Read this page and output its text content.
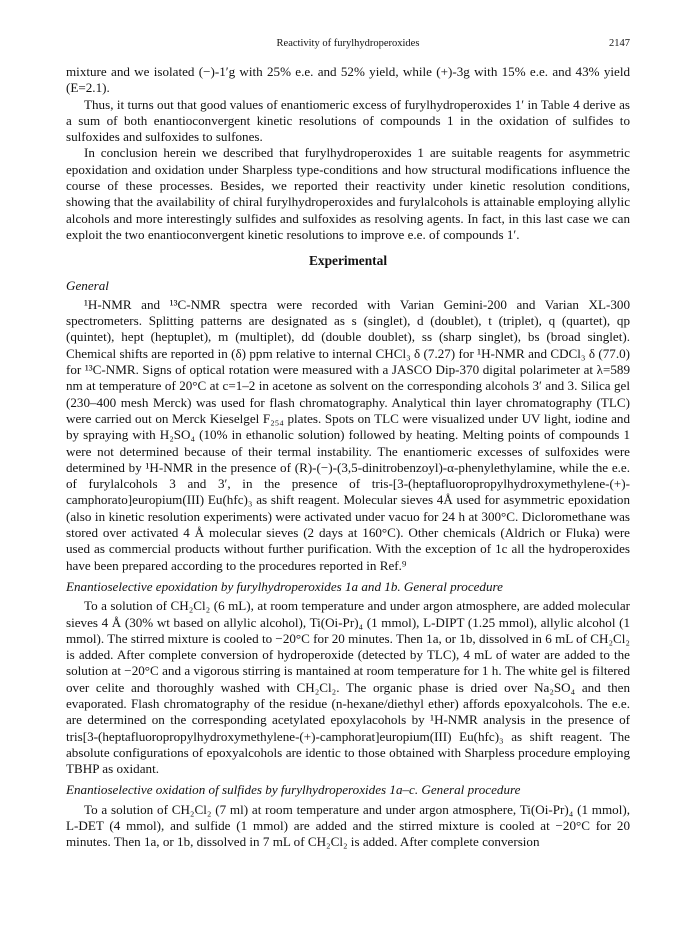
Reactivity of furylhydroperoxides	2147

mixture and we isolated (−)-1′g with 25% e.e. and 52% yield, while (+)-3g with 15% e.e. and 43% yield (E=2.1).

Thus, it turns out that good values of enantiomeric excess of furylhydroperoxides 1′ in Table 4 derive as a sum of both enantioconvergent kinetic resolutions of compounds 1 in the oxidation of sulfides to sulfoxides and sulfoxides to sulfones.

In conclusion herein we described that furylhydroperoxides 1 are suitable reagents for asymmetric epoxidation and oxidation under Sharpless type-conditions and how structural modifications influence the course of these processes. Besides, we reported their reactivity under kinetic resolution conditions, showing that the availability of chiral furylhydroperoxides and furylalcohols is attainable employing allylic alcohols and more interestingly sulfides and sulfoxides as resolving agents. In fact, in this last case we can exploit the two enantioconvergent kinetic resolutions to improve e.e. of compounds 1′.

Experimental
General

¹H-NMR and ¹³C-NMR spectra were recorded with Varian Gemini-200 and Varian XL-300 spectrometers. Splitting patterns are designated as s (singlet), d (doublet), t (triplet), q (quartet), qp (quintet), hept (heptuplet), m (multiplet), dd (double doublet), ss (sharp singlet), bs (broad singlet). Chemical shifts are reported in (δ) ppm relative to internal CHCl₃ δ (7.27) for ¹H-NMR and CDCl₃ δ (77.0) for ¹³C-NMR. Signs of optical rotation were measured with a JASCO Dip-370 digital polarimeter at λ=589 nm at temperature of 20°C at c=1–2 in acetone as solvent on the corresponding alcohols 3′ and 3. Silica gel (230–400 mesh Merck) was used for flash chromatography. Analytical thin layer chromatography (TLC) were carried out on Merck Kieselgel F₂₅₄ plates. Spots on TLC were visualized under UV light, iodine and by spraying with H₂SO₄ (10% in ethanolic solution) followed by heating. Melting points of compounds 1 were not determined because of their termal instability. The enantiomeric excesses of sulfoxides were determined by ¹H-NMR in the presence of (R)-(−)-(3,5-dinitrobenzoyl)-α-phenylethylamine, while the e.e. of furylalcohols 3 and 3′, in the presence of tris-[3-(heptafluoropropylhydroxymethylene-(+)-camphorato]europium(III) Eu(hfc)₃ as shift reagent. Molecular sieves 4Å used for asymmetric epoxidation (also in kinetic resolution experiments) were activated under vacuo for 24 h at 300°C. Dicloromethane was stored over activated 4 Å molecular sieves (2 days at 160°C). Other chemicals (Aldrich or Fluka) were used as commercial products without further purification. With the exception of 1c all the hydroperoxides have been prepared according to the procedures reported in Ref.⁹

Enantioselective epoxidation by furylhydroperoxides 1a and 1b. General procedure

To a solution of CH₂Cl₂ (6 mL), at room temperature and under argon atmosphere, are added molecular sieves 4 Å (30% wt based on allylic alcohol), Ti(Oi-Pr)₄ (1 mmol), L-DIPT (1.25 mmol), allylic alcohol (1 mmol). The stirred mixture is cooled to −20°C for 20 minutes. Then 1a, or 1b, dissolved in 6 mL of CH₂Cl₂ is added. After complete conversion of hydroperoxide (detected by TLC), 4 mL of water are added to the solution at −20°C and a vigorous stirring is mantained at room temperature for 1 h. The white gel is filtered over celite and thoroughly washed with CH₂Cl₂. The organic phase is dried over Na₂SO₄ and then evaporated. Flash chromatography of the residue (n-hexane/diethyl ether) affords epoxyalcohols. The e.e. are determined on the corresponding acetylated epoxylacohols by ¹H-NMR analysis in the presence of tris[3-(heptafluoropropylhydroxymethylene-(+)-camphorat]europium(III) Eu(hfc)₃ as shift reagent. The absolute configurations of epoxyalcohols are identic to those obtained with Sharpless procedure employing TBHP as oxidant.

Enantioselective oxidation of sulfides by furylhydroperoxides 1a–c. General procedure

To a solution of CH₂Cl₂ (7 ml) at room temperature and under argon atmosphere, Ti(Oi-Pr)₄ (1 mmol), L-DET (4 mmol), and sulfide (1 mmol) are added and the stirred mixture is cooled at −20°C for 20 minutes. Then 1a, or 1b, dissolved in 7 mL of CH₂Cl₂ is added. After complete conversion
